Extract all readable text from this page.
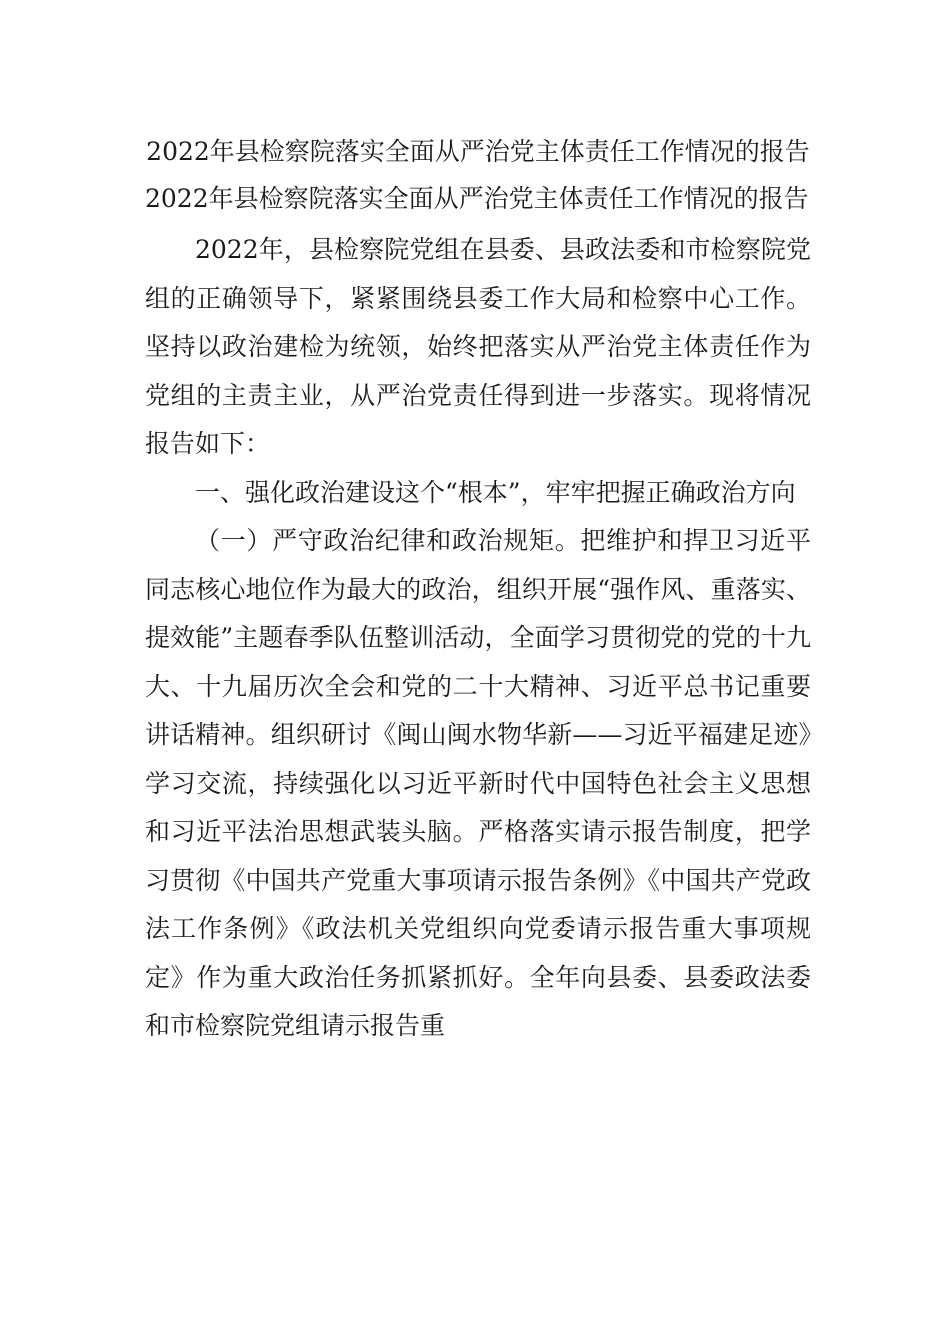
2022年县检察院落实全面从严治党主体责任工作情况的报告

2022年县检察院落实全面从严治党主体责任工作情况的报告

2022年，县检察院党组在县委、县政法委和市检察院党组的正确领导下，紧紧围绕县委工作大局和检察中心工作。坚持以政治建检为统领，始终把落实从严治党主体责任作为党组的主责主业，从严治党责任得到进一步落实。现将情况报告如下：

一、强化政治建设这个“根本”，牢牢把握正确政治方向

（一）严守政治纪律和政治规矩。把维护和捍卫习近平同志核心地位作为最大的政治，组织开展“强作风、重落实、提效能”主题春季队伍整训活动，全面学习贯彻党的党的十九大、十九届历次全会和党的二十大精神、习近平总书记重要讲话精神。组织研讨《闽山闽水物华新——习近平福建足迹》学习交流，持续强化以习近平新时代中国特色社会主义思想和习近平法治思想武装头脑。严格落实请示报告制度，把学习贯彻《中国共产党重大事项请示报告条例》《中国共产党政法工作条例》《政法机关党组织向党委请示报告重大事项规定》作为重大政治任务抓紧抓好。全年向县委、县委政法委和市检察院党组请示报告重
